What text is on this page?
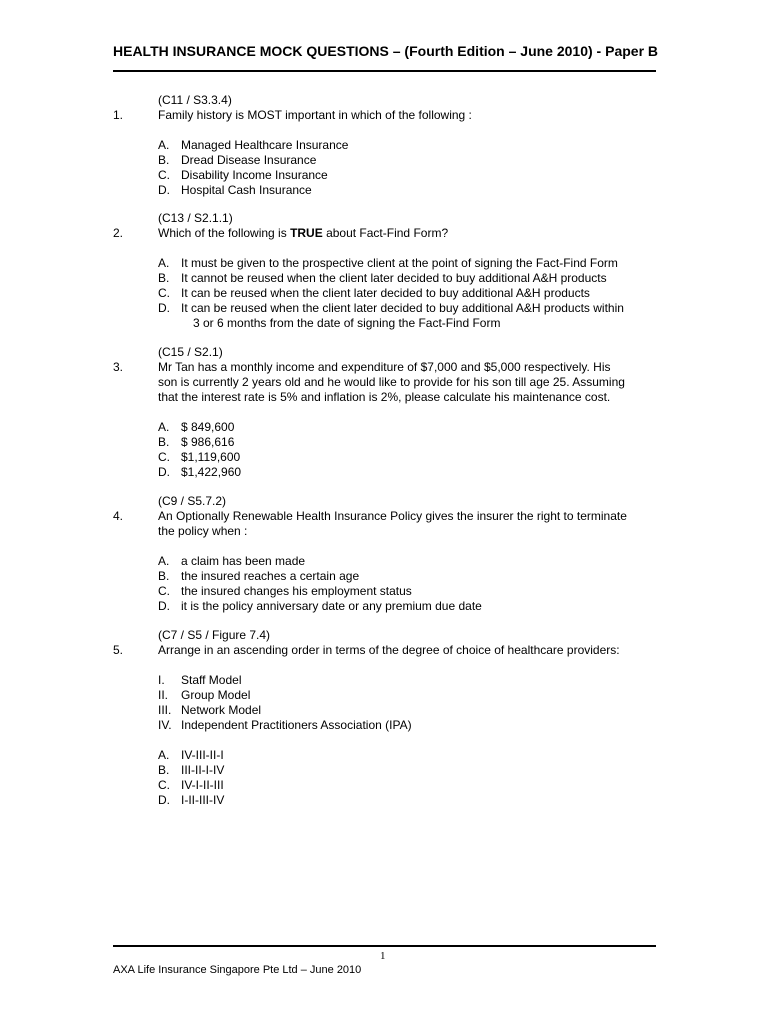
HEALTH INSURANCE MOCK QUESTIONS – (Fourth Edition – June 2010) - Paper B
(C11 / S3.3.4)
1.	Family history is MOST important in which of the following :
A. Managed Healthcare Insurance
B. Dread Disease Insurance
C. Disability Income Insurance
D. Hospital Cash Insurance
(C13 / S2.1.1)
2.	Which of the following is TRUE about Fact-Find Form?
A. It must be given to the prospective client at the point of signing the Fact-Find Form
B. It cannot be reused when the client later decided to buy additional A&H products
C. It can be reused when the client later decided to buy additional A&H products
D. It can be reused when the client later decided to buy additional A&H products within
3 or 6 months from the date of signing the Fact-Find Form
(C15 / S2.1)
3.	Mr Tan has a monthly income and expenditure of $7,000 and $5,000 respectively. His
son is currently 2 years old and he would like to provide for his son till age 25. Assuming
that the interest rate is 5% and inflation is 2%, please calculate his maintenance cost.
A. $ 849,600
B. $ 986,616
C. $1,119,600
D. $1,422,960
(C9 / S5.7.2)
4.	An Optionally Renewable Health Insurance Policy gives the insurer the right to terminate
the policy when :
A. a claim has been made
B. the insured reaches a certain age
C. the insured changes his employment status
D. it is the policy anniversary date or any premium due date
(C7 / S5 / Figure 7.4)
5.	Arrange in an ascending order in terms of the degree of choice of healthcare providers:
I. Staff Model
II. Group Model
III. Network Model
IV. Independent Practitioners Association (IPA)
A. IV-III-II-I
B. III-II-I-IV
C. IV-I-II-III
D. I-II-III-IV
1
AXA Life Insurance Singapore Pte Ltd – June 2010
